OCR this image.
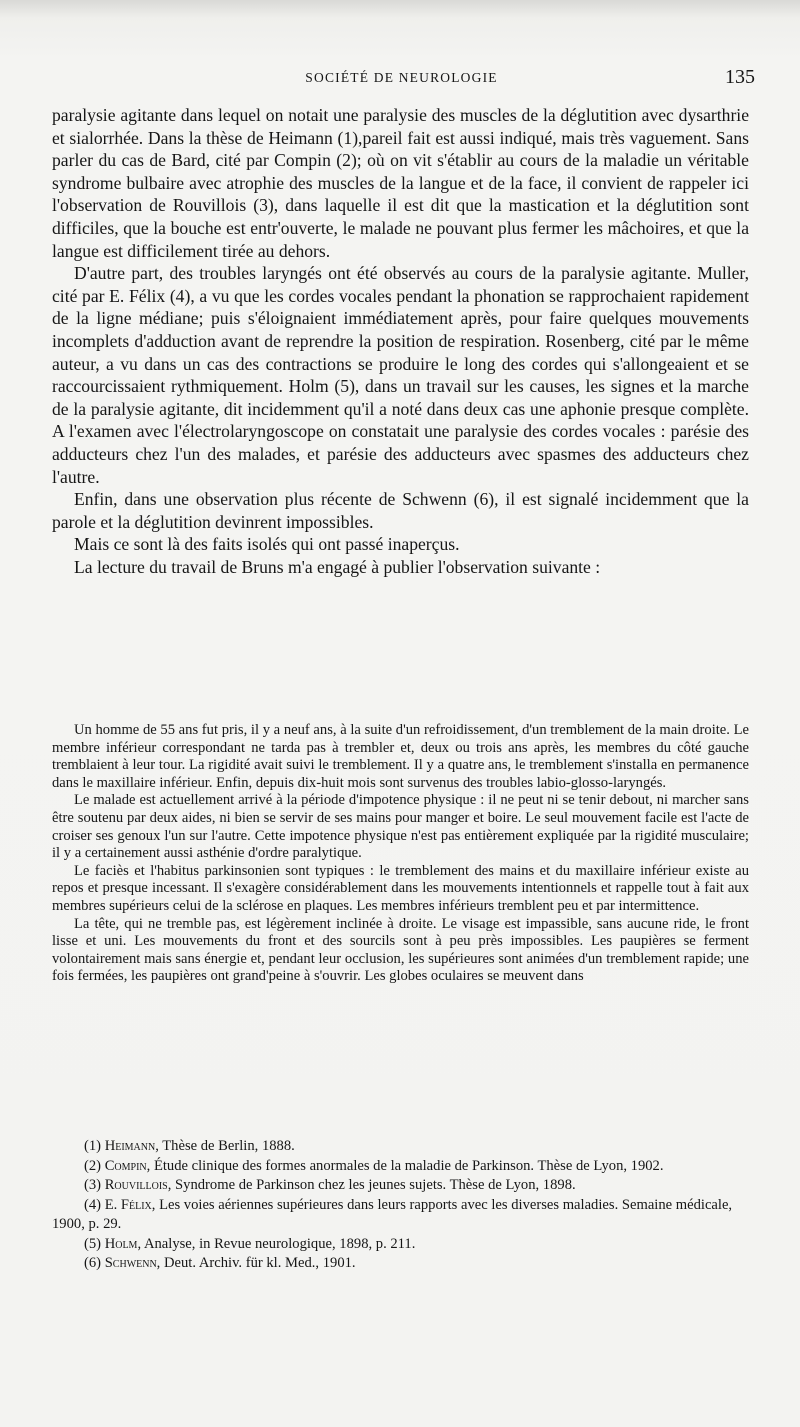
SOCIÉTÉ DE NEUROLOGIE	135

paralysie agitante dans lequel on notait une paralysie des muscles de la déglutition avec dysarthrie et sialorrhée. Dans la thèse de Heimann (1),pareil fait est aussi indiqué, mais très vaguement. Sans parler du cas de Bard, cité par Compin (2); où on vit s'établir au cours de la maladie un véritable syndrome bulbaire avec atrophie des muscles de la langue et de la face, il convient de rappeler ici l'observation de Rouvillois (3), dans laquelle il est dit que la mastication et la déglutition sont difficiles, que la bouche est entr'ouverte, le malade ne pouvant plus fermer les mâchoires, et que la langue est difficilement tirée au dehors.

D'autre part, des troubles laryngés ont été observés au cours de la paralysie agitante. Muller, cité par E. Félix (4), a vu que les cordes vocales pendant la phonation se rapprochaient rapidement de la ligne médiane; puis s'éloignaient immédiatement après, pour faire quelques mouvements incomplets d'adduction avant de reprendre la position de respiration. Rosenberg, cité par le même auteur, a vu dans un cas des contractions se produire le long des cordes qui s'allongeaient et se raccourcissaient rythmiquement. Holm (5), dans un travail sur les causes, les signes et la marche de la paralysie agitante, dit incidemment qu'il a noté dans deux cas une aphonie presque complète. A l'examen avec l'électrolaryngoscope on constatait une paralysie des cordes vocales : parésie des adducteurs chez l'un des malades, et parésie des adducteurs avec spasmes des adducteurs chez l'autre.

Enfin, dans une observation plus récente de Schwenn (6), il est signalé incidemment que la parole et la déglutition devinrent impossibles.

Mais ce sont là des faits isolés qui ont passé inaperçus.

La lecture du travail de Bruns m'a engagé à publier l'observation suivante :

Un homme de 55 ans fut pris, il y a neuf ans, à la suite d'un refroidissement, d'un tremblement de la main droite. Le membre inférieur correspondant ne tarda pas à trembler et, deux ou trois ans après, les membres du côté gauche tremblaient à leur tour. La rigidité avait suivi le tremblement. Il y a quatre ans, le tremblement s'installa en permanence dans le maxillaire inférieur. Enfin, depuis dix-huit mois sont survenus des troubles labio-glosso-laryngés.

Le malade est actuellement arrivé à la période d'impotence physique : il ne peut ni se tenir debout, ni marcher sans être soutenu par deux aides, ni bien se servir de ses mains pour manger et boire. Le seul mouvement facile est l'acte de croiser ses genoux l'un sur l'autre. Cette impotence physique n'est pas entièrement expliquée par la rigidité musculaire; il y a certainement aussi asthénie d'ordre paralytique.

Le faciès et l'habitus parkinsonien sont typiques : le tremblement des mains et du maxillaire inférieur existe au repos et presque incessant. Il s'exagère considérablement dans les mouvements intentionnels et rappelle tout à fait aux membres supérieurs celui de la sclérose en plaques. Les membres inférieurs tremblent peu et par intermittence.

La tête, qui ne tremble pas, est légèrement inclinée à droite. Le visage est impassible, sans aucune ride, le front lisse et uni. Les mouvements du front et des sourcils sont à peu près impossibles. Les paupières se ferment volontairement mais sans énergie et, pendant leur occlusion, les supérieures sont animées d'un tremblement rapide; une fois fermées, les paupières ont grand'peine à s'ouvrir. Les globes oculaires se meuvent dans

(1) Heimann, Thèse de Berlin, 1888.

(2) Compin, Étude clinique des formes anormales de la maladie de Parkinson. Thèse de Lyon, 1902.

(3) Rouvillois, Syndrome de Parkinson chez les jeunes sujets. Thèse de Lyon, 1898.

(4) E. Félix, Les voies aériennes supérieures dans leurs rapports avec les diverses maladies. Semaine médicale, 1900, p. 29.

(5) Holm, Analyse, in Revue neurologique, 1898, p. 211.

(6) Schwenn, Deut. Archiv. für kl. Med., 1901.
